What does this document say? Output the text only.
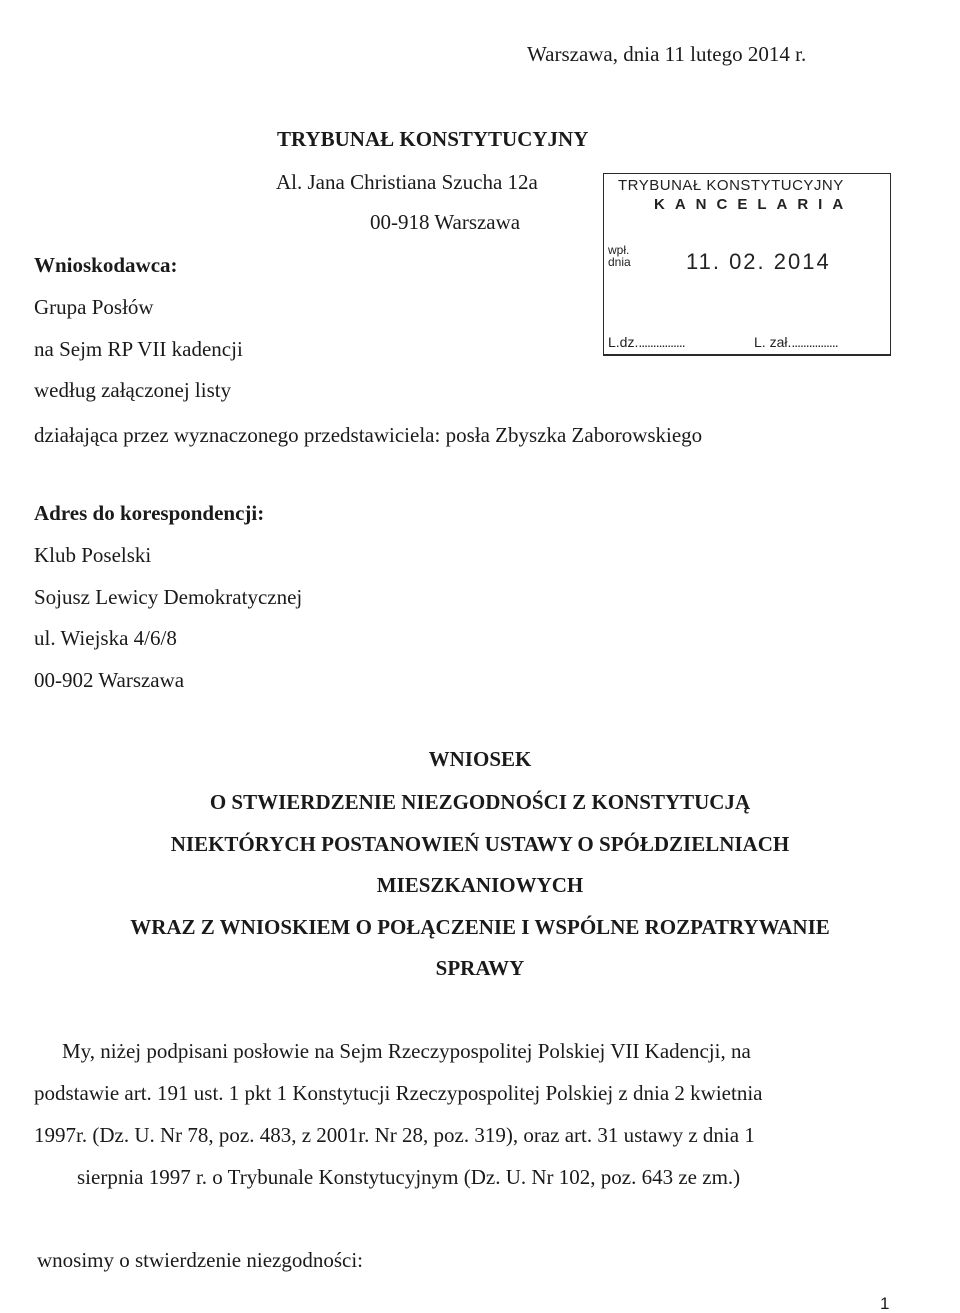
Warszawa, dnia 11 lutego 2014 r.
TRYBUNAŁ KONSTYTUCYJNY
Al. Jana Christiana Szucha 12a
00-918 Warszawa
TRYBUNAŁ KONSTYTUCYJNY
KANCELARIA
wpł.
dnia	11. 02. 2014
L.dz.................	L. zał.................
Wnioskodawca:
Grupa Posłów
na Sejm RP VII kadencji
według załączonej listy
działająca przez wyznaczonego przedstawiciela: posła Zbyszka Zaborowskiego
Adres do korespondencji:
Klub Poselski
Sojusz Lewicy Demokratycznej
ul. Wiejska 4/6/8
00-902 Warszawa
WNIOSEK
O STWIERDZENIE NIEZGODNOŚCI Z KONSTYTUCJĄ
NIEKTÓRYCH POSTANOWIEŃ USTAWY O SPÓŁDZIELNIACH
MIESZKANIOWYCH
WRAZ Z WNIOSKIEM O POŁĄCZENIE I WSPÓLNE ROZPATRYWANIE
SPRAWY
My, niżej podpisani posłowie na Sejm Rzeczypospolitej Polskiej VII Kadencji, na
podstawie art. 191 ust. 1 pkt 1 Konstytucji Rzeczypospolitej Polskiej z dnia 2 kwietnia
1997r. (Dz. U. Nr 78, poz. 483, z 2001r. Nr 28, poz. 319), oraz art. 31 ustawy z dnia 1
sierpnia 1997 r. o Trybunale Konstytucyjnym (Dz. U. Nr 102, poz. 643 ze zm.)
wnosimy o stwierdzenie niezgodności:
1
